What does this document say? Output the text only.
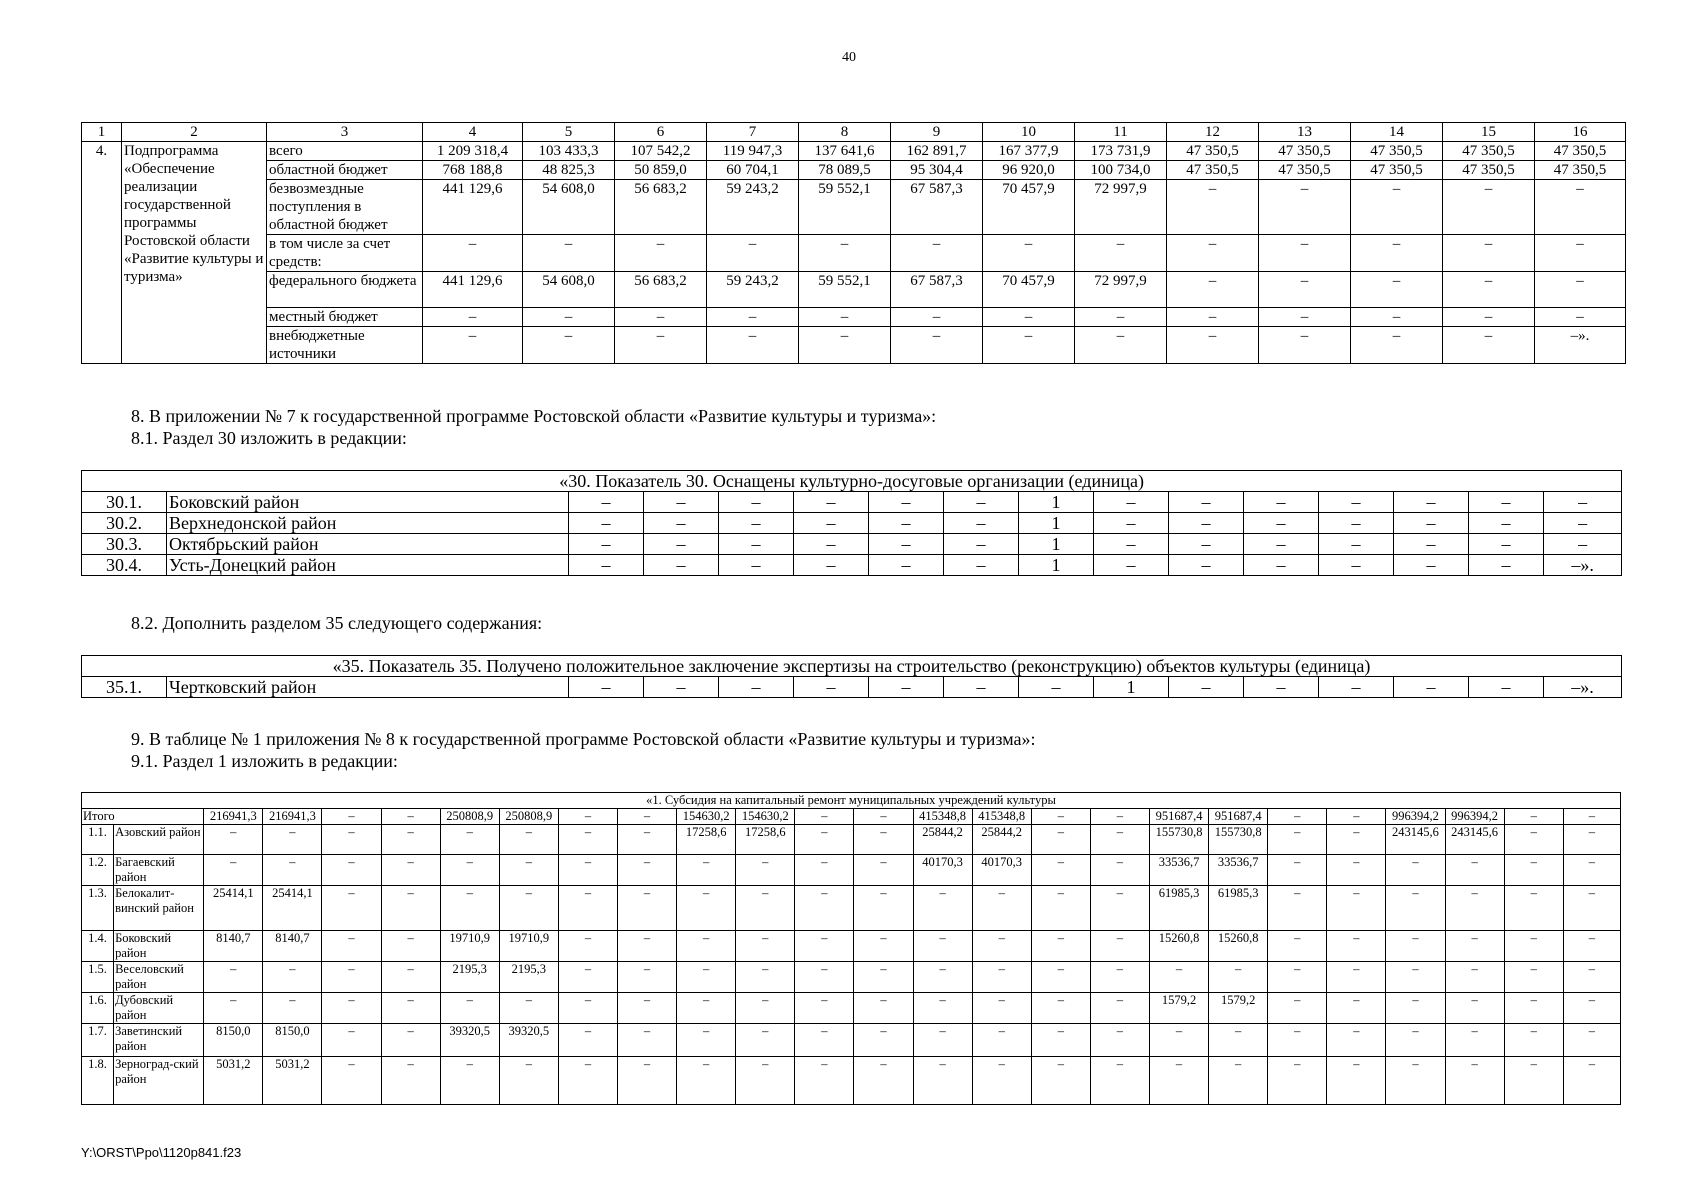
40
1	2	3	4	5	6	7	8	9	10	11	12	13	14	15	16
4.	Подпрограмма «Обеспечение реализации государственной программы Ростовской области «Развитие культуры и туризма»	всего	1 209 318,4	103 433,3	107 542,2	119 947,3	137 641,6	162 891,7	167 377,9	173 731,9	47 350,5	47 350,5	47 350,5	47 350,5	47 350,5
		областной бюджет	768 188,8	48 825,3	50 859,0	60 704,1	78 089,5	95 304,4	96 920,0	100 734,0	47 350,5	47 350,5	47 350,5	47 350,5	47 350,5
		безвозмездные поступления в областной бюджет	441 129,6	54 608,0	56 683,2	59 243,2	59 552,1	67 587,3	70 457,9	72 997,9	–	–	–	–	–
		в том числе за счет средств:	–	–	–	–	–	–	–	–	–	–	–	–	–
		федерального бюджета	441 129,6	54 608,0	56 683,2	59 243,2	59 552,1	67 587,3	70 457,9	72 997,9	–	–	–	–	–
		местный бюджет	–	–	–	–	–	–	–	–	–	–	–	–	–
		внебюджетные источники	–	–	–	–	–	–	–	–	–	–	–	–	–».
8. В приложении № 7 к государственной программе Ростовской области «Развитие культуры и туризма»:
8.1. Раздел 30 изложить в редакции:
«30. Показатель 30. Оснащены культурно-досуговые организации (единица)															
30.1.	Боковский район	–	–	–	–	–	–	1	–	–	–	–	–	–	–
30.2.	Верхнедонской район	–	–	–	–	–	–	1	–	–	–	–	–	–	–
30.3.	Октябрьский район	–	–	–	–	–	–	1	–	–	–	–	–	–	–
30.4.	Усть-Донецкий район	–	–	–	–	–	–	1	–	–	–	–	–	–	–».
8.2. Дополнить разделом 35 следующего содержания:
«35. Показатель 35. Получено положительное заключение экспертизы на строительство (реконструкцию) объектов культуры (единица)
35.1.	Чертковский район	–	–	–	–	–	–	–	1	–	–	–	–	–	–».
9. В таблице № 1 приложения № 8 к государственной программе Ростовской области «Развитие культуры и туризма»:
9.1. Раздел 1 изложить в редакции:
«1. Субсидия на капитальный ремонт муниципальных учреждений культуры																									
Итого		216941,3	216941,3	–	–	250808,9	250808,9	–	–	154630,2	154630,2	–	–	415348,8	415348,8	–	–	951687,4	951687,4	–	–	996394,2	996394,2	–	–
1.1.	Азовский район	–	–	–	–	–	–	–	–	17258,6	17258,6	–	–	25844,2	25844,2	–	–	155730,8	155730,8	–	–	243145,6	243145,6	–	–
1.2.	Багаевский район	–	–	–	–	–	–	–	–	–	–	–	–	40170,3	40170,3	–	–	33536,7	33536,7	–	–	–	–	–	–
1.3.	Белокалит-винский район	25414,1	25414,1	–	–	–	–	–	–	–	–	–	–	–	–	–	–	61985,3	61985,3	–	–	–	–	–	–
1.4.	Боковский район	8140,7	8140,7	–	–	19710,9	19710,9	–	–	–	–	–	–	–	–	–	–	15260,8	15260,8	–	–	–	–	–	–
1.5.	Веселовский район	–	–	–	–	2195,3	2195,3	–	–	–	–	–	–	–	–	–	–	–	–	–	–	–	–	–	–
1.6.	Дубовский район	–	–	–	–	–	–	–	–	–	–	–	–	–	–	–	–	1579,2	1579,2	–	–	–	–	–	–
1.7.	Заветинский район	8150,0	8150,0	–	–	39320,5	39320,5	–	–	–	–	–	–	–	–	–	–	–	–	–	–	–	–	–	–
1.8.	Зерноград-ский район	5031,2	5031,2	–	–	–	–	–	–	–	–	–	–	–	–	–	–	–	–	–	–	–	–	–	–
Y:\ORST\Ppo\1120p841.f23
